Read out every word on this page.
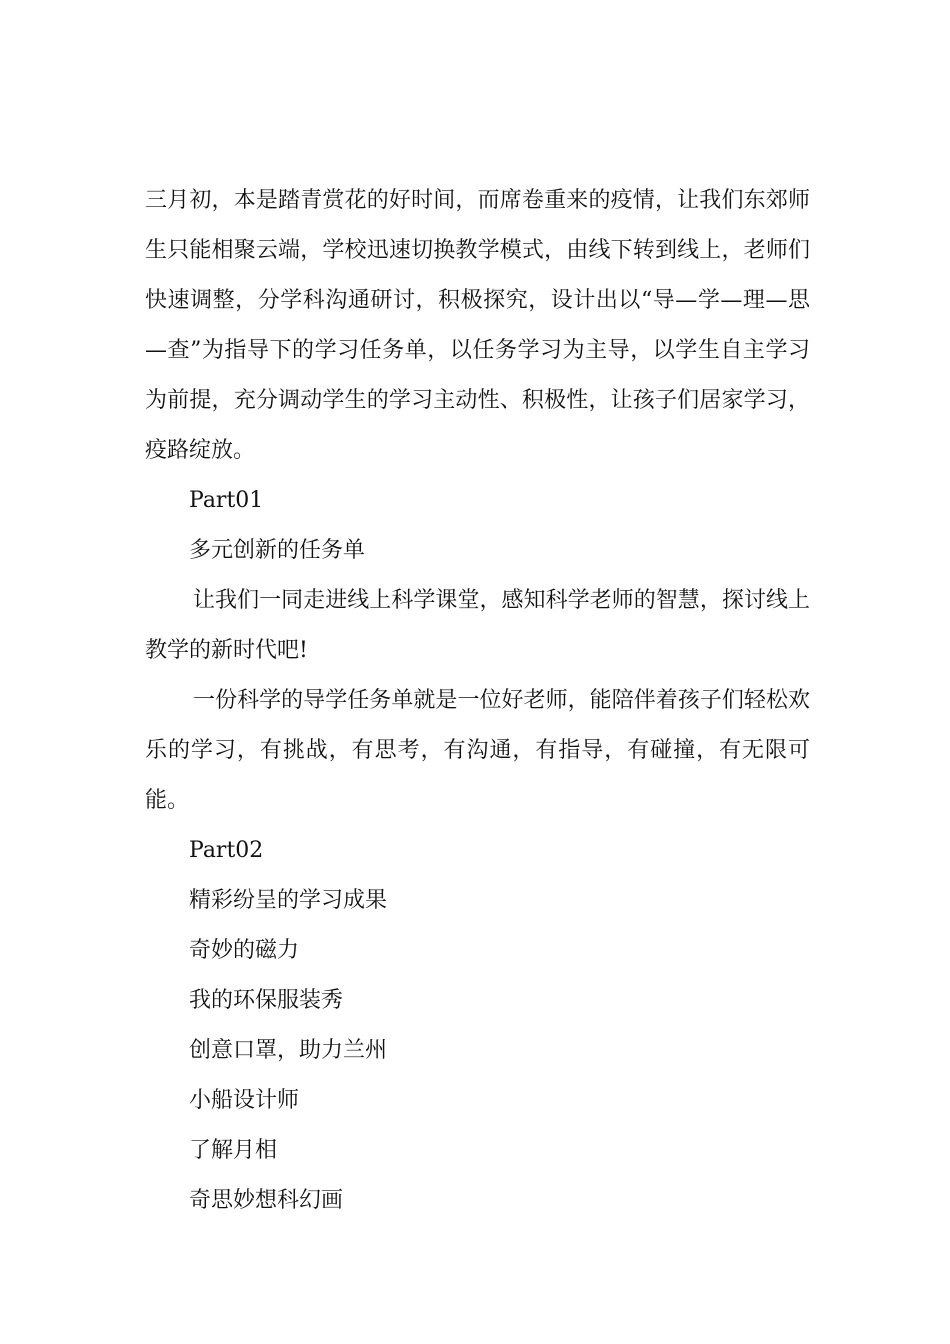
三月初，本是踏青赏花的好时间，而席卷重来的疫情，让我们东郊师生只能相聚云端，学校迅速切换教学模式，由线下转到线上，老师们快速调整，分学科沟通研讨，积极探究，设计出以“导—学—理—思—查”为指导下的学习任务单，以任务学习为主导，以学生自主学习为前提，充分调动学生的学习主动性、积极性，让孩子们居家学习，疫路绽放。

Part01

多元创新的任务单

让我们一同走进线上科学课堂，感知科学老师的智慧，探讨线上教学的新时代吧!

一份科学的导学任务单就是一位好老师，能陪伴着孩子们轻松欢乐的学习，有挑战，有思考，有沟通，有指导，有碰撞，有无限可能。

Part02

精彩纷呈的学习成果

奇妙的磁力

我的环保服装秀

创意口罩，助力兰州

小船设计师

了解月相

奇思妙想科幻画
